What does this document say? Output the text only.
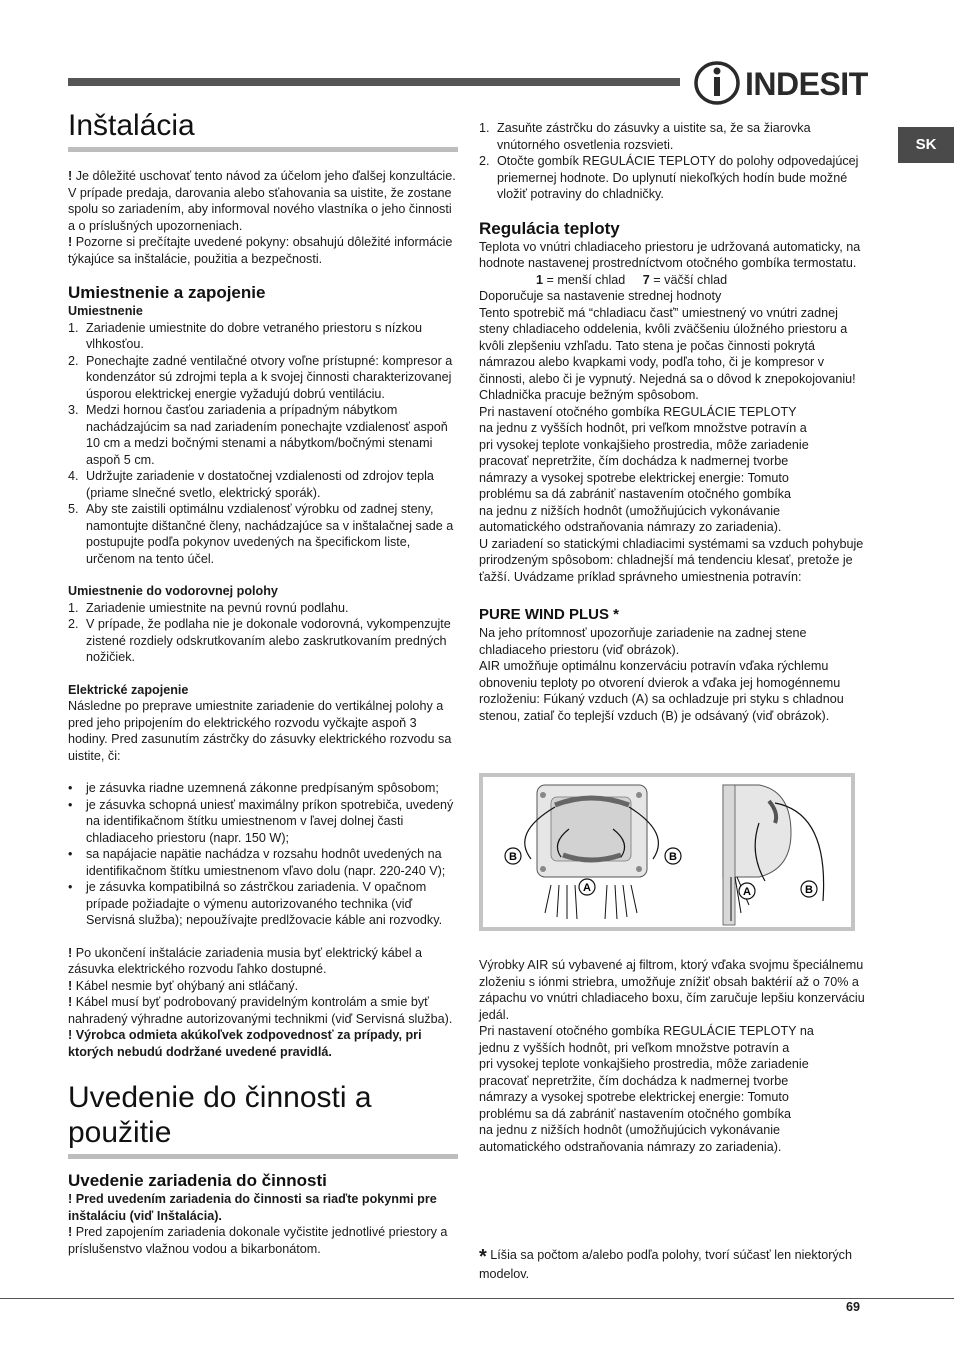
INDESIT
SK
Inštalácia

! Je dôležité uschovať tento návod za účelom jeho ďalšej konzultácie. V prípade predaja, darovania alebo sťahovania sa uistite, že zostane spolu so zariadením, aby informoval nového vlastníka o jeho činnosti a o príslušných upozorneniach.

! Pozorne si prečítajte uvedené pokyny: obsahujú dôležité informácie týkajúce sa inštalácie, použitia a bezpečnosti.

Umiestnenie a zapojenie
Umiestnenie
1. Zariadenie umiestnite do dobre vetraného priestoru s nízkou vlhkosťou.
2. Ponechajte zadné ventilačné otvory voľne prístupné: kompresor a kondenzátor sú zdrojmi tepla a k svojej činnosti charakterizovanej úsporou elektrickej energie vyžadujú dobrú ventiláciu.
3. Medzi hornou časťou zariadenia a prípadným nábytkom nachádzajúcim sa nad zariadením ponechajte vzdialenosť aspoň 10 cm a medzi bočnými stenami a nábytkom/bočnými stenami aspoň 5 cm.
4. Udržujte zariadenie v dostatočnej vzdialenosti od zdrojov tepla (priame slnečné svetlo, elektrický sporák).
5. Aby ste zaistili optimálnu vzdialenosť výrobku od zadnej steny, namontujte dištančné členy, nachádzajúce sa v inštalačnej sade a postupujte podľa pokynov uvedených na špecifickom liste, určenom na tento účel.
Umiestnenie do vodorovnej polohy
1. Zariadenie umiestnite na pevnú rovnú podlahu.
2. V prípade, že podlaha nie je dokonale vodorovná, vykompenzujte zistené rozdiely odskrutkovaním alebo zaskrutkovaním predných nožičiek.
Elektrické zapojenie

Následne po preprave umiestnite zariadenie do vertikálnej polohy a pred jeho pripojením do elektrického rozvodu vyčkajte aspoň 3 hodiny. Pred zasunutím zástrčky do zásuvky elektrického rozvodu sa uistite, či:

• je zásuvka riadne uzemnená zákonne predpísaným spôsobom;
• je zásuvka schopná uniesť maximálny príkon spotrebiča, uvedený na identifikačnom štítku umiestnenom v ľavej dolnej časti chladiaceho priestoru (napr. 150 W);
• sa napájacie napätie nachádza v rozsahu hodnôt uvedených na identifikačnom štítku umiestnenom vľavo dolu (napr. 220-240 V);
• je zásuvka kompatibilná so zástrčkou zariadenia. V opačnom prípade požiadajte o výmenu autorizovaného technika (viď Servisná služba); nepoužívajte predlžovacie káble ani rozvodky.

! Po ukončení inštalácie zariadenia musia byť elektrický kábel a zásuvka elektrického rozvodu ľahko dostupné.

! Kábel nesmie byť ohýbaný ani stláčaný.

! Kábel musí byť podrobovaný pravidelným kontrolám a smie byť nahradený výhradne autorizovanými technikmi (viď Servisná služba).

! Výrobca odmieta akúkoľvek zodpovednosť za prípady, pri ktorých nebudú dodržané uvedené pravidlá.

Uvedenie do činnosti a použitie
Uvedenie zariadenia do činnosti

! Pred uvedením zariadenia do činnosti sa riaďte pokynmi pre inštaláciu (viď Inštalácia).

! Pred zapojením zariadenia dokonale vyčistite jednotlivé priestory a príslušenstvo vlažnou vodou a bikarbonátom.

1. Zasuňte zástrčku do zásuvky a uistite sa, že sa žiarovka vnútorného osvetlenia rozsvieti.
2. Otočte gombík REGULÁCIE TEPLOTY do polohy odpovedajúcej priemernej hodnote. Do uplynutí niekoľkých hodín bude možné vložiť potraviny do chladničky.
Regulácia teploty

Teplota vo vnútri chladiaceho priestoru je udržovaná automaticky, na hodnote nastavenej prostredníctvom otočného gombíka termostatu.

1 = menší chlad 7 = väčší chlad

Doporučuje sa nastavenie strednej hodnoty
Tento spotrebič má “chladiacu časť” umiestnený vo vnútri zadnej steny chladiaceho oddelenia, kvôli zväčšeniu úložného priestoru a kvôli zlepšeniu vzhľadu. Tato stena je počas činnosti pokrytá námrazou alebo kvapkami vody, podľa toho, či je kompresor v činnosti, alebo či je vypnutý. Nejedná sa o dôvod k znepokojovaniu! Chladnička pracuje bežným spôsobom.
Pri nastavení otočného gombíka REGULÁCIE TEPLOTY
na jednu z vyšších hodnôt, pri veľkom množstve potravín a
pri vysokej teplote vonkajšieho prostredia, môže zariadenie
pracovať nepretržite, čím dochádza k nadmernej tvorbe
námrazy a vysokej spotrebe elektrickej energie: Tomuto
problému sa dá zabrániť nastavením otočného gombíka
na jednu z nižších hodnôt (umožňujúcich vykonávanie
automatického odstraňovania námrazy zo zariadenia).
U zariadení so statickými chladiacimi systémami sa vzduch pohybuje prirodzeným spôsobom: chladnejší má tendenciu klesať, pretože je ťažší. Uvádzame príklad správneho umiestnenia potravín:

PURE WIND PLUS *

Na jeho prítomnosť upozorňuje zariadenie na zadnej stene chladiaceho priestoru (viď obrázok).
AIR umožňuje optimálnu konzerváciu potravín vďaka rýchlemu obnoveniu teploty po otvorení dvierok a vďaka jej homogénnemu rozloženiu: Fúkaný vzduch (A) sa ochladzuje pri styku s chladnou stenou, zatiaľ čo teplejší vzduch (B) je odsávaný (viď obrázok).

B	B
A	A	B

Výrobky AIR sú vybavené aj filtrom, ktorý vďaka svojmu špeciálnemu zloženiu s iónmi striebra, umožňuje znížiť obsah baktérií až o 70% a zápachu vo vnútri chladiaceho boxu, čím zaručuje lepšiu konzerváciu jedál.
Pri nastavení otočného gombíka REGULÁCIE TEPLOTY na
jednu z vyšších hodnôt, pri veľkom množstve potravín a
pri vysokej teplote vonkajšieho prostredia, môže zariadenie
pracovať nepretržite, čím dochádza k nadmernej tvorbe
námrazy a vysokej spotrebe elektrickej energie: Tomuto
problému sa dá zabrániť nastavením otočného gombíka
na jednu z nižších hodnôt (umožňujúcich vykonávanie
automatického odstraňovania námrazy zo zariadenia).

* Líšia sa počtom a/alebo podľa polohy, tvorí súčasť len niektorých modelov.
69
